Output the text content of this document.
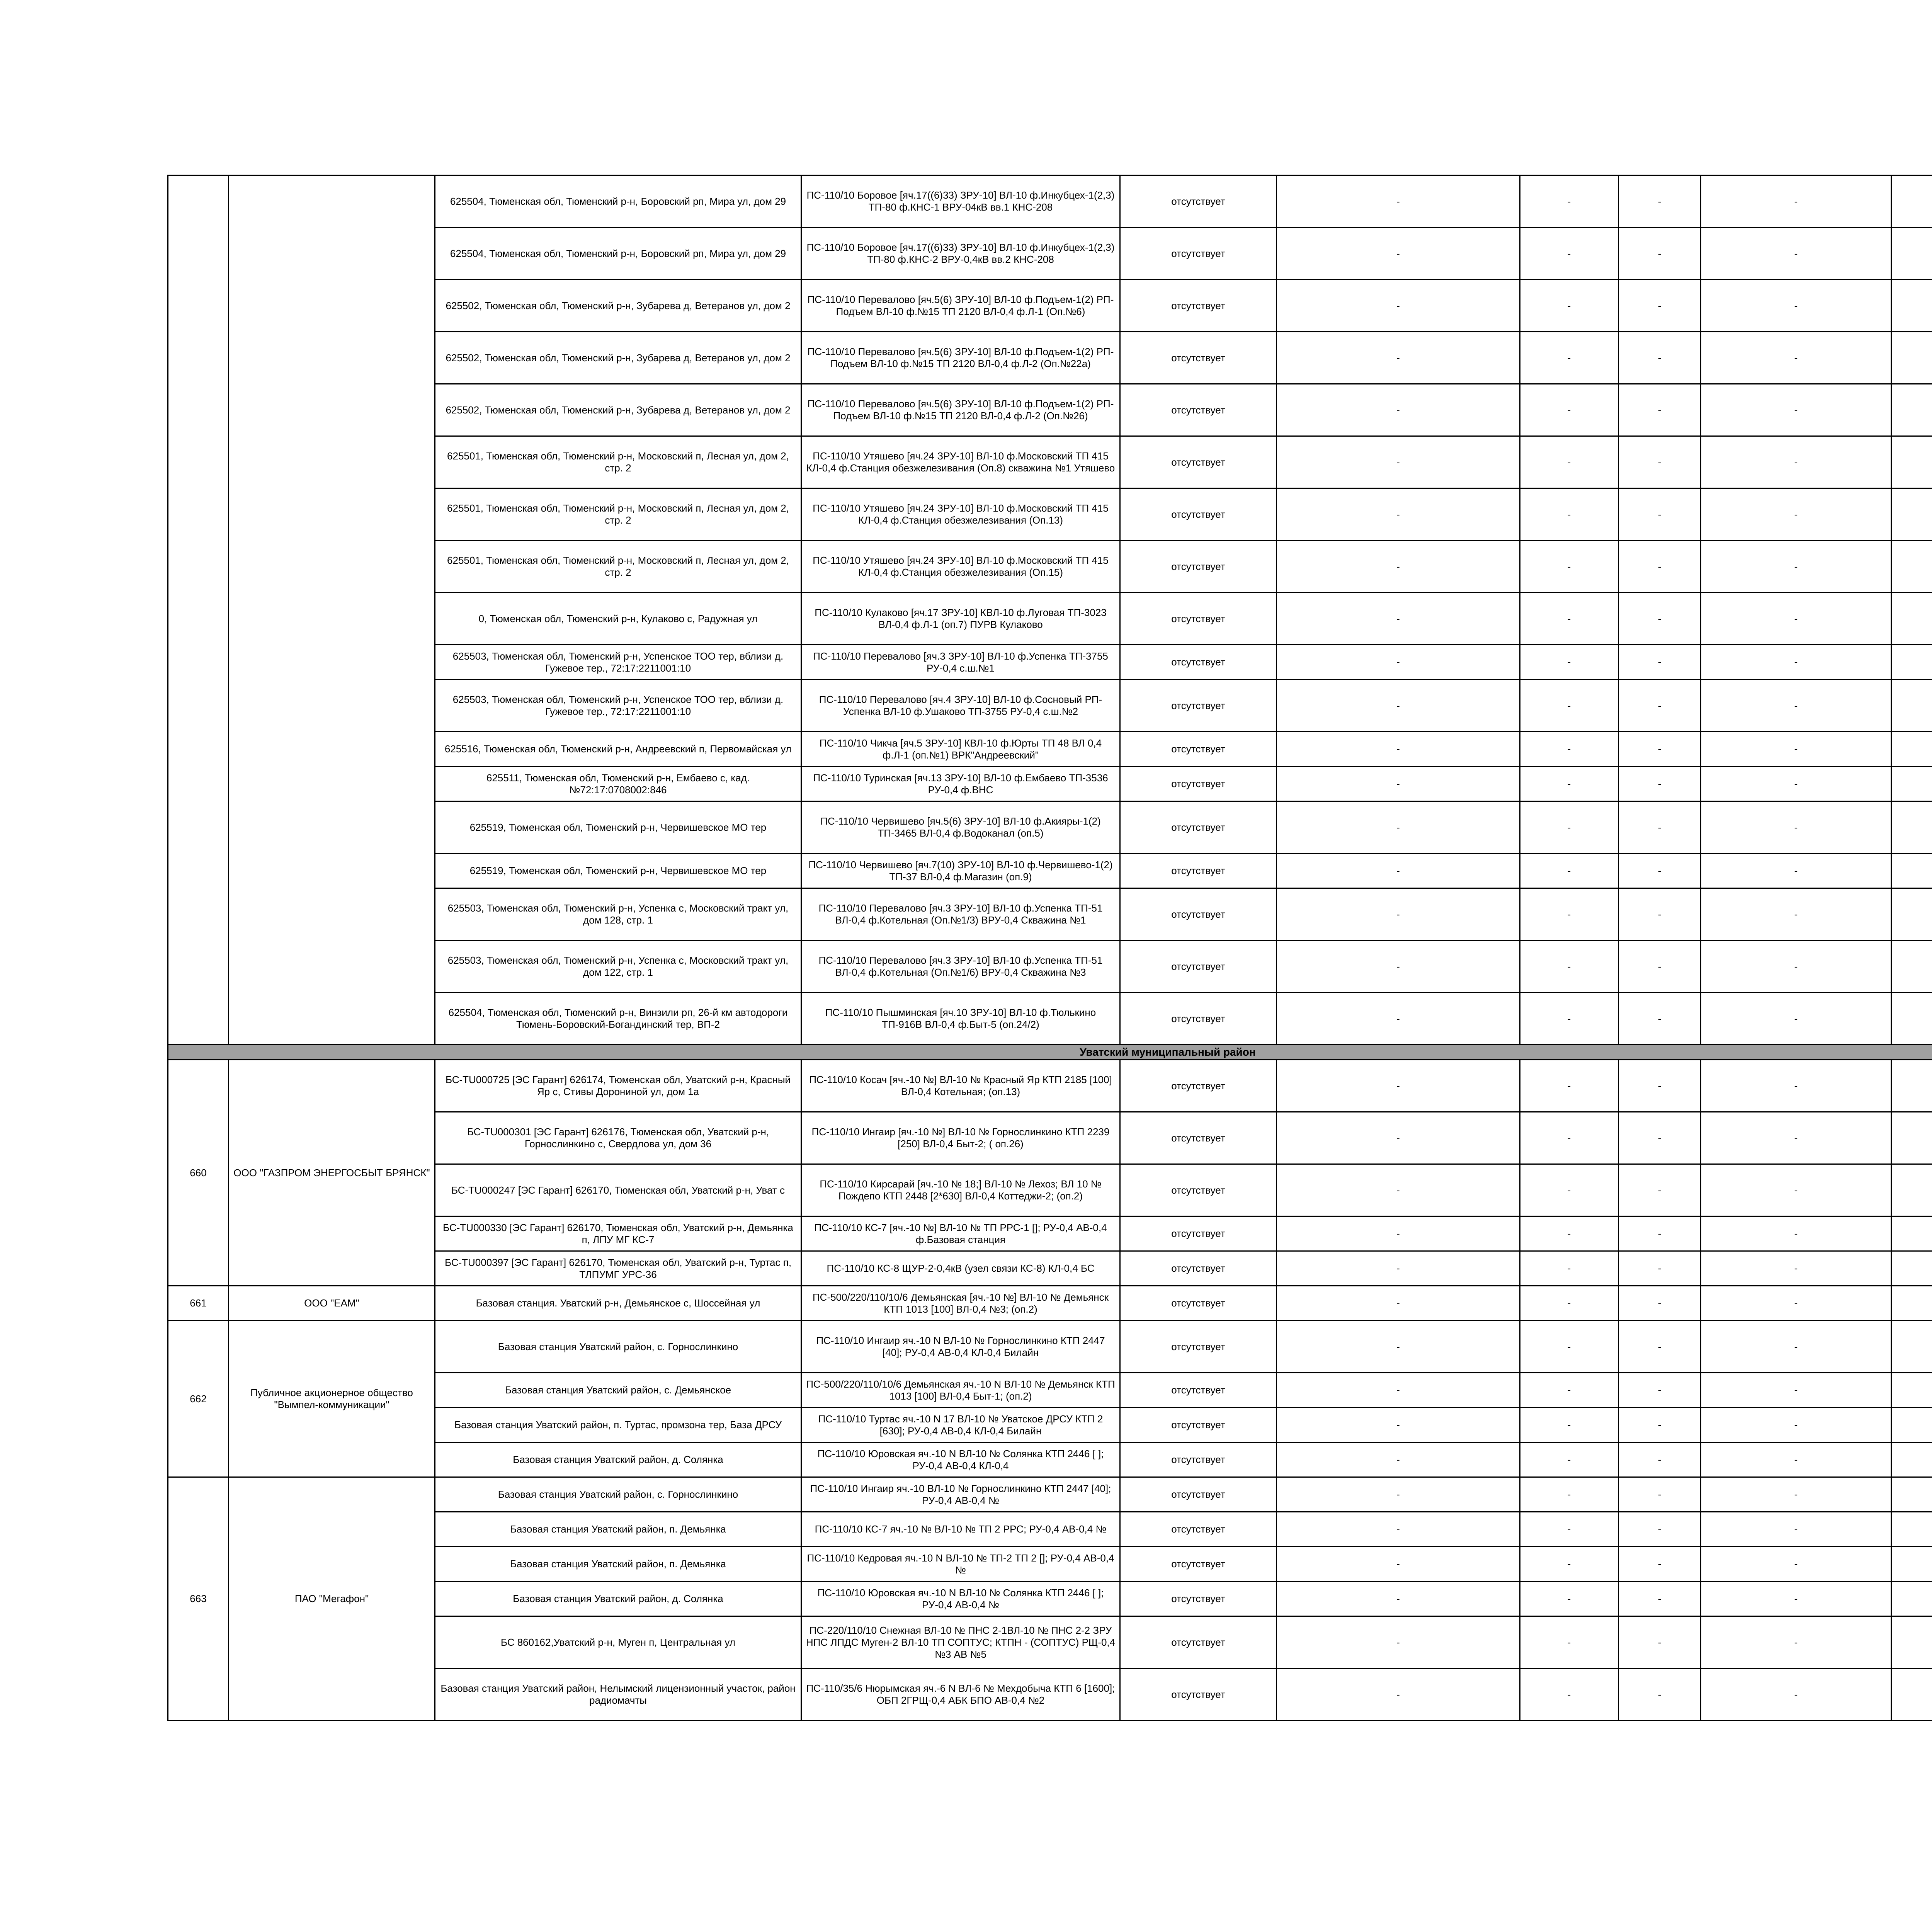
		625504, Тюменская обл, Тюменский р-н, Боровский рп, Мира ул, дом 29	ПС-110/10 Боровое [яч.17((6)33) ЗРУ-10] ВЛ-10 ф.Инкубцех-1(2,3) ТП-80 ф.КНС-1 ВРУ-04кВ вв.1 КНС-208	отсутствует	-	-	-	-				
		625504, Тюменская обл, Тюменский р-н, Боровский рп, Мира ул, дом 29	ПС-110/10 Боровое [яч.17((6)33) ЗРУ-10] ВЛ-10 ф.Инкубцех-1(2,3) ТП-80 ф.КНС-2 ВРУ-0,4кВ вв.2 КНС-208	отсутствует	-	-	-	-				
		625502, Тюменская обл, Тюменский р-н, Зубарева д, Ветеранов ул, дом 2	ПС-110/10 Перевалово [яч.5(6) ЗРУ-10] ВЛ-10 ф.Подъем-1(2) РП-Подъем ВЛ-10 ф.№15 ТП 2120 ВЛ-0,4 ф.Л-1 (Оп.№6)	отсутствует	-	-	-	-				
		625502, Тюменская обл, Тюменский р-н, Зубарева д, Ветеранов ул, дом 2	ПС-110/10 Перевалово [яч.5(6) ЗРУ-10] ВЛ-10 ф.Подъем-1(2) РП-Подъем ВЛ-10 ф.№15 ТП 2120 ВЛ-0,4 ф.Л-2 (Оп.№22а)	отсутствует	-	-	-	-				
		625502, Тюменская обл, Тюменский р-н, Зубарева д, Ветеранов ул, дом 2	ПС-110/10 Перевалово [яч.5(6) ЗРУ-10] ВЛ-10 ф.Подъем-1(2) РП-Подъем ВЛ-10 ф.№15 ТП 2120 ВЛ-0,4 ф.Л-2 (Оп.№26)	отсутствует	-	-	-	-				
		625501, Тюменская обл, Тюменский р-н, Московский п, Лесная ул, дом 2, стр. 2	ПС-110/10 Утяшево [яч.24 ЗРУ-10] ВЛ-10 ф.Московский ТП 415 КЛ-0,4 ф.Станция обезжелезивания (Оп.8) скважина №1 Утяшево	отсутствует	-	-	-	-				
		625501, Тюменская обл, Тюменский р-н, Московский п, Лесная ул, дом 2, стр. 2	ПС-110/10 Утяшево [яч.24 ЗРУ-10] ВЛ-10 ф.Московский ТП 415 КЛ-0,4 ф.Станция обезжелезивания (Оп.13)	отсутствует	-	-	-	-				
		625501, Тюменская обл, Тюменский р-н, Московский п, Лесная ул, дом 2, стр. 2	ПС-110/10 Утяшево [яч.24 ЗРУ-10] ВЛ-10 ф.Московский ТП 415 КЛ-0,4 ф.Станция обезжелезивания (Оп.15)	отсутствует	-	-	-	-				
		0, Тюменская обл, Тюменский р-н, Кулаково с, Радужная ул	ПС-110/10 Кулаково [яч.17 ЗРУ-10] КВЛ-10 ф.Луговая ТП-3023 ВЛ-0,4 ф.Л-1 (оп.7) ПУРВ Кулаково	отсутствует	-	-	-	-				
		625503, Тюменская обл, Тюменский р-н, Успенское ТОО тер, вблизи д. Гужевое тер., 72:17:2211001:10	ПС-110/10 Перевалово [яч.3 ЗРУ-10] ВЛ-10 ф.Успенка ТП-3755 РУ-0,4 с.ш.№1	отсутствует	-	-	-	-				
		625503, Тюменская обл, Тюменский р-н, Успенское ТОО тер, вблизи д. Гужевое тер., 72:17:2211001:10	ПС-110/10 Перевалово [яч.4 ЗРУ-10] ВЛ-10 ф.Сосновый РП-Успенка ВЛ-10 ф.Ушаково ТП-3755 РУ-0,4 с.ш.№2	отсутствует	-	-	-	-				
		625516, Тюменская обл, Тюменский р-н, Андреевский п, Первомайская ул	ПС-110/10 Чикча [яч.5 ЗРУ-10] КВЛ-10 ф.Юрты ТП 48 ВЛ 0,4 ф.Л-1 (оп.№1) ВРК"Андреевский"	отсутствует	-	-	-	-				
		625511, Тюменская обл, Тюменский р-н, Ембаево с, кад.№72:17:0708002:846	ПС-110/10 Туринская [яч.13 ЗРУ-10] ВЛ-10 ф.Ембаево ТП-3536 РУ-0,4 ф.ВНС	отсутствует	-	-	-	-				
		625519, Тюменская обл, Тюменский р-н, Червишевское МО тер	ПС-110/10 Червишево [яч.5(6) ЗРУ-10] ВЛ-10 ф.Акияры-1(2) ТП-3465 ВЛ-0,4 ф.Водоканал (оп.5)	отсутствует	-	-	-	-				
		625519, Тюменская обл, Тюменский р-н, Червишевское МО тер	ПС-110/10 Червишево [яч.7(10) ЗРУ-10] ВЛ-10 ф.Червишево-1(2) ТП-37 ВЛ-0,4 ф.Магазин (оп.9)	отсутствует	-	-	-	-				
		625503, Тюменская обл, Тюменский р-н, Успенка с, Московский тракт ул, дом 128, стр. 1	ПС-110/10 Перевалово [яч.3 ЗРУ-10] ВЛ-10 ф.Успенка ТП-51 ВЛ-0,4 ф.Котельная (Оп.№1/3) ВРУ-0,4 Скважина №1	отсутствует	-	-	-	-				
		625503, Тюменская обл, Тюменский р-н, Успенка с, Московский тракт ул, дом 122, стр. 1	ПС-110/10 Перевалово [яч.3 ЗРУ-10] ВЛ-10 ф.Успенка ТП-51 ВЛ-0,4 ф.Котельная (Оп.№1/6) ВРУ-0,4 Скважина №3	отсутствует	-	-	-	-				
		625504, Тюменская обл, Тюменский р-н, Винзили рп, 26-й км автодороги Тюмень-Боровский-Богандинский тер, ВП-2	ПС-110/10 Пышминская [яч.10 ЗРУ-10] ВЛ-10 ф.Тюлькино ТП-916В ВЛ-0,4 ф.Быт-5 (оп.24/2)	отсутствует	-	-	-	-				
Уватский муниципальный район											
660	ООО "ГАЗПРОМ ЭНЕРГОСБЫТ БРЯНСК"	БС-TU000725 [ЭС Гарант] 626174, Тюменская обл, Уватский р-н, Красный Яр с, Стивы Дорониной ул, дом 1а	ПС-110/10 Косач [яч.-10 №] ВЛ-10 № Красный Яр КТП 2185 [100] ВЛ-0,4 Котельная; (оп.13)	отсутствует	-	-	-	-				
		БС-TU000301 [ЭС Гарант] 626176, Тюменская обл, Уватский р-н, Горнослинкино с, Свердлова ул, дом 36	ПС-110/10 Ингаир [яч.-10 №] ВЛ-10 № Горнослинкино КТП 2239 [250] ВЛ-0,4 Быт-2; ( оп.26)	отсутствует	-	-	-	-				
		БС-TU000247 [ЭС Гарант] 626170, Тюменская обл, Уватский р-н, Уват с	ПС-110/10 Кирсарай [яч.-10 № 18;] ВЛ-10 № Лехоз; ВЛ 10 № Пождепо КТП 2448 [2*630] ВЛ-0,4 Коттеджи-2; (оп.2)	отсутствует	-	-	-	-				
		БС-TU000330 [ЭС Гарант] 626170, Тюменская обл, Уватский р-н, Демьянка п, ЛПУ МГ КС-7	ПС-110/10 КС-7 [яч.-10 №] ВЛ-10 № ТП РРС-1 []; РУ-0,4 АВ-0,4 ф.Базовая станция	отсутствует	-	-	-	-				
		БС-TU000397 [ЭС Гарант] 626170, Тюменская обл, Уватский р-н, Туртас п, ТЛПУМГ УРС-36	ПС-110/10 КС-8 ЩУР-2-0,4кВ (узел связи КС-8) КЛ-0,4 БС	отсутствует	-	-	-	-				
661	ООО "ЕАМ"	Базовая станция. Уватский р-н, Демьянское с, Шоссейная ул	ПС-500/220/110/10/6 Демьянская [яч.-10 №] ВЛ-10 № Демьянск КТП 1013 [100] ВЛ-0,4 №3; (оп.2)	отсутствует	-	-	-	-				
662	Публичное акционерное общество "Вымпел-коммуникации"	Базовая станция Уватский район, с. Горнослинкино	ПС-110/10 Ингаир яч.-10 N ВЛ-10 № Горнослинкино КТП 2447 [40]; РУ-0,4 АВ-0,4 КЛ-0,4 Билайн	отсутствует	-	-	-	-				
		Базовая станция Уватский район, с. Демьянское	ПС-500/220/110/10/6 Демьянская яч.-10 N ВЛ-10 № Демьянск КТП 1013 [100] ВЛ-0,4 Быт-1; (оп.2)	отсутствует	-	-	-	-				
		Базовая станция Уватский район, п. Туртас, промзона тер, База ДРСУ	ПС-110/10 Туртас яч.-10 N 17 ВЛ-10 № Уватское ДРСУ КТП 2 [630]; РУ-0,4 АВ-0,4 КЛ-0,4 Билайн	отсутствует	-	-	-	-				
		Базовая станция Уватский район, д. Солянка	ПС-110/10 Юровская яч.-10 N ВЛ-10 № Солянка КТП 2446 [ ]; РУ-0,4 АВ-0,4 КЛ-0,4	отсутствует	-	-	-	-				
663	ПАО "Мегафон"	Базовая станция Уватский район, с. Горнослинкино	ПС-110/10 Ингаир яч.-10 ВЛ-10 № Горнослинкино КТП 2447 [40]; РУ-0,4 АВ-0,4 №	отсутствует	-	-	-	-				
		Базовая станция Уватский район, п. Демьянка	ПС-110/10 КС-7 яч.-10 № ВЛ-10 № ТП 2 РРС; РУ-0,4 АВ-0,4 №	отсутствует	-	-	-	-				
		Базовая станция Уватский район, п. Демьянка	ПС-110/10 Кедровая яч.-10 N ВЛ-10 № ТП-2 ТП 2 []; РУ-0,4 АВ-0,4 №	отсутствует	-	-	-	-				
		Базовая станция Уватский район, д. Солянка	ПС-110/10 Юровская яч.-10 N ВЛ-10 № Солянка КТП 2446 [ ]; РУ-0,4 АВ-0,4 №	отсутствует	-	-	-	-				
		БС 860162,Уватский р-н, Муген п, Центральная ул	ПС-220/110/10 Снежная ВЛ-10 № ПНС 2-1ВЛ-10 № ПНС 2-2 ЗРУ НПС ЛПДС Муген-2 ВЛ-10 ТП СОПТУС; КТПН - (СОПТУС) РЩ-0,4 №3 АВ №5	отсутствует	-	-	-	-				
		Базовая станция Уватский район, Нелымский лицензионный участок, район радиомачты	ПС-110/35/6 Нюрымская яч.-6 N ВЛ-6 № Мехдобыча КТП 6 [1600]; ОБП 2ГРЩ-0,4 АБК БПО АВ-0,4 №2	отсутствует	-	-	-	-				
